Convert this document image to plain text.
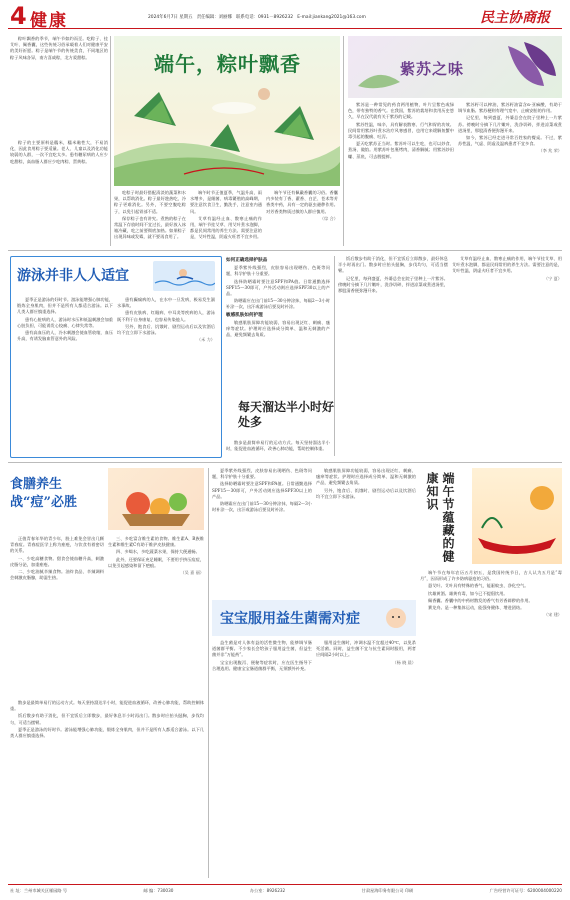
4 健康	2024年6月7日 星期五 责任编辑：刘丽娜 联系电话：0931－8926232 E-mail:jiankang2021@163.com	民主协商报

粽叶飘香的季节，端午节如约而至。吃粽子、挂艾叶、佩香囊，这些传统习俗承载着人们对健康平安的美好祈愿。粽子是端午节的传统美食，不同地区的粽子风味各异，南方喜咸粽，北方爱甜粽。

粽子的主要原料是糯米，糯米黏性大，不易消化，因此食用粽子要适量。老人、儿童以及消化功能较弱的人群，一次不宜吃太多。患有糖尿病的人应少吃甜粽，高血脂人群应少吃肉粽、蛋黄粽。

端午，粽叶飘香

吃粽子时最好搭配清淡的蔬菜和水果，以帮助消化。粽子最好趁热吃，冷粽子更难消化。另外，不要空腹吃粽子，以免引起胃部不适。

保存粽子也有讲究。煮熟的粽子在常温下存放时间不宜过长，最好放入冰箱冷藏，吃之前要彻底加热。如果粽子出现异味或发霉，就不要再食用了。

端午时节正值夏季，气温升高，雨水增多，是细菌、病毒繁殖的高峰期，要注意饮食卫生，勤洗手，注意室内通风。

艾草有温经止血、散寒止痛的作用，端午节挂艾草、用艾叶煮水泡脚，都是民间常用的养生方法。需要注意的是，艾叶性温，阴虚火旺者不宜多用。

端午节还有佩戴香囊的习俗。香囊内多装有丁香、藿香、白芷、苍术等芳香类中药，具有一定的驱虫避秽作用。对芳香类物质过敏的人群应慎用。

（综 合）
紫苏之味

紫苏是一种常见的药食两用植物，叶片呈紫色或绿色，带有独特的香气。在我国，紫苏的栽培和食用历史悠久，早在汉代就有关于紫苏的记载。

紫苏性温，味辛，具有解表散寒、行气和胃的功效。民间常用紫苏叶煮水治疗风寒感冒，也用它来缓解鱼蟹中毒引起的腹痛、吐泻。

夏天吃紫苏正当时。紫苏叶可以生吃，也可以炒食、煮汤、做馅。用紫苏叶包裹烤肉，清香解腻；用紫苏炒田螺、蒸鱼，可去腥提鲜。

紫苏籽可以榨油，紫苏籽油富含α-亚麻酸，有助于调节血脂。紫苏梗则有理气宽中、止痛安胎的作用。

记忆里，每到盛夏，外婆总会在院子里种上一片紫苏。傍晚时分摘下几片嫩叶，洗净切碎，拌进凉菜或煮进汤里，那股清香便弥漫开来。

如今，紫苏已经走进寻常百姓家的餐桌。不过，紫苏性温，气虚、阴虚及温病患者不宜多食。

（李 兆 荣）
游泳并非人人适宜

夏季正是游泳的好时节。游泳能增强心肺功能，锻炼全身肌肉，但并不是所有人都适合游泳。以下几类人群应慎重选择。

患有心脏病的人，游泳时水压和低温刺激会加重心脏负担，可能诱发心绞痛、心律失常等。

患有高血压的人，冷水刺激会使血管收缩，血压升高，有诱发脑血管意外的风险。

患有癫痫病的人，在水中一旦发病，极易发生溺水事故。

患有皮肤病、红眼病、中耳炎等疾病的人，游泳既不利于自身康复，也容易传染他人。

另外，饱食后、饥饿时、剧烈运动后以及饮酒后均不宜立即下水游泳。

（禾 力）
如何正确选择护肤品

夏季紫外线强烈，皮肤容易出现晒伤、色斑等问题，科学护肤十分重要。

选择防晒霜时要注意SPF和PA值。日常通勤选择SPF15～30即可，户外活动则应选择SPF30以上的产品。

防晒霜应在出门前15～30分钟涂抹，每隔2～3小时补涂一次，出汗或游泳后要及时补涂。

敏感肌肤如何护理

敏感肌肤屏障功能较弱，容易出现泛红、刺痛、瘙痒等症状。护理时应选择成分简单、温和无刺激的产品，避免频繁去角质。

每天溜达半小时好处多

散步是最简单易行的运动方式。每天坚持溜达半小时，能促进血液循环，改善心肺功能，帮助控制体重。

饭后散步有助于消化，但不宜饭后立即散步，最好休息半小时再出门。散步时应抬头挺胸，步伐均匀，可适当摆臂。

记忆里，每到盛夏，外婆总会在院子里种上一片紫苏。傍晚时分摘下几片嫩叶，洗净切碎，拌进凉菜或煮进汤里，那股清香便弥漫开来。

艾草有温经止血、散寒止痛的作用，端午节挂艾草、用艾叶煮水泡脚，都是民间常用的养生方法。需要注意的是，艾叶性温，阴虚火旺者不宜多用。

（宁 夏）
食膳养生 战“痘”必胜

正值青春年华的青少年，脸上难免会冒出几颗青春痘。青春痘医学上称为痤疮，与饮食有着密切的关系。

一、少吃高糖食物。甜食会使血糖升高，刺激皮脂分泌，加重痤疮。

二、少吃油腻辛辣食物。油炸食品、辛辣调料会刺激皮脂腺，助湿生热。

三、多吃富含维生素的食物。维生素A、B族维生素和维生素C有助于维护皮肤健康。

四、多喝水，多吃蔬菜水果，保持大便通畅。

此外，还要保证充足睡眠，不要用手挤压痘痘，以免引起感染和留下疤痕。

（吴 嘉 丽）

夏季紫外线强烈，皮肤容易出现晒伤、色斑等问题，科学护肤十分重要。

选择防晒霜时要注意SPF和PA值。日常通勤选择SPF15～30即可，户外活动则应选择SPF30以上的产品。

防晒霜应在出门前15～30分钟涂抹，每隔2～3小时补涂一次，出汗或游泳后要及时补涂。

敏感肌肤屏障功能较弱，容易出现泛红、刺痛、瘙痒等症状。护理时应选择成分简单、温和无刺激的产品，避免频繁去角质。

另外，饱食后、饥饿时、剧烈运动后以及饮酒后均不宜立即下水游泳。	端午节蕴藏的健康知识

端午节在每年农历五月初五，是我国传统节日，古人认为五月是“毒月”，因而形成了许多防病驱疫的习俗。

悬艾叶。艾叶具有特殊的香气，能驱蚊虫、净化空气。

饮雄黄酒。雄黄有毒，如今已不提倡饮用。

佩香囊。香囊中的中药材散发的香气有芳香辟秽的作用。

赛龙舟。是一种集体运动，能强身健体、增进团结。

（宋 建）
宝宝服用益生菌需对症

益生菌是对人体有益的活性微生物，能够调节肠道菌群平衡。不少家长会给孩子服用益生菌，但益生菌并非“万能药”。

宝宝出现腹泻、便秘等症状时，应在医生指导下合理选用。健康宝宝肠道菌群平衡，无须额外补充。

服用益生菌时，冲调水温不宜超过40℃，以免杀死活菌。同时，益生菌不宜与抗生素同时服用，两者应间隔2小时以上。

（杨 晓 晨）

散步是最简单易行的运动方式。每天坚持溜达半小时，能促进血液循环，改善心肺功能，帮助控制体重。

饭后散步有助于消化，但不宜饭后立即散步，最好休息半小时再出门。散步时应抬头挺胸，步伐均匀，可适当摆臂。

夏季正是游泳的好时节。游泳能增强心肺功能，锻炼全身肌肉，但并不是所有人都适合游泳。以下几类人群应慎重选择。

社 址：兰州市城关区雁园路 号	邮 编：730030	办公室：8926232	甘肃星海印务有限公司 印刷	广告经营许可证号：6200004000220
